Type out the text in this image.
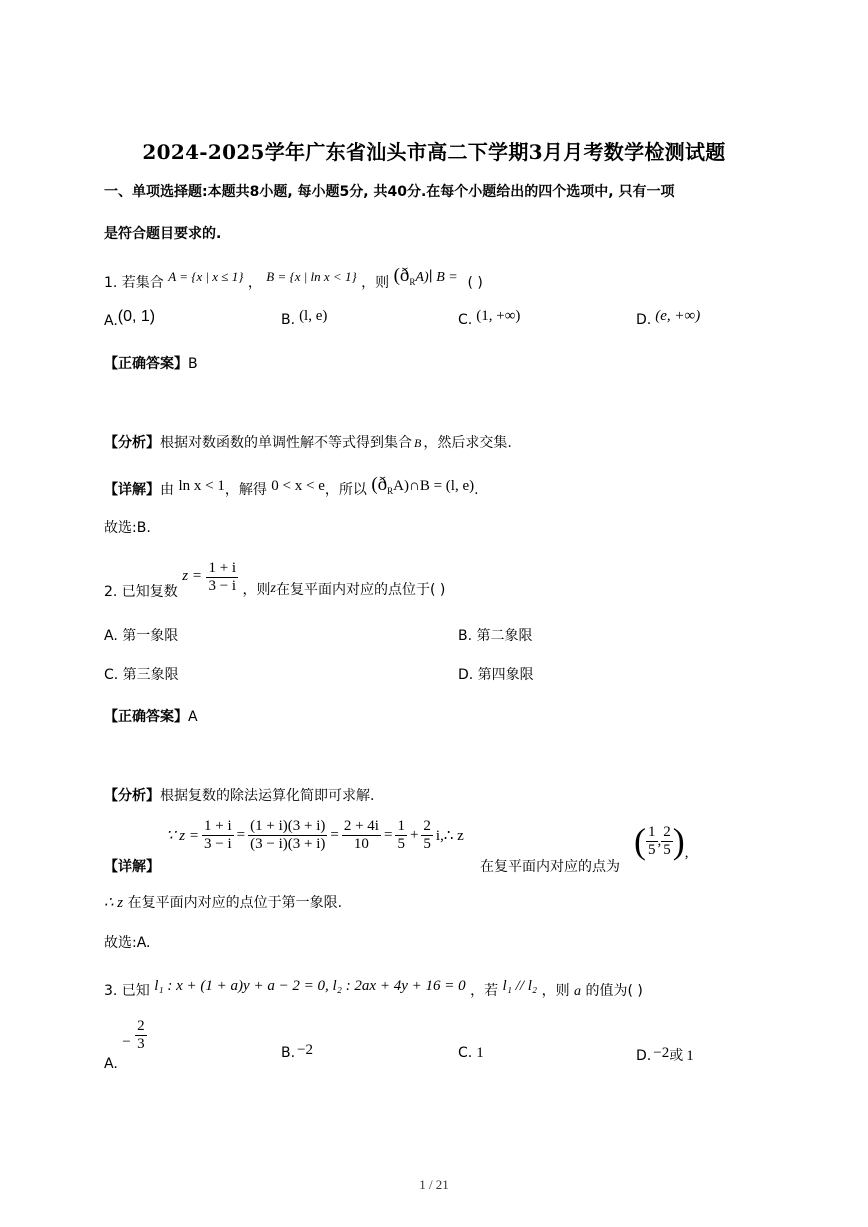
2024-2025学年广东省汕头市高二下学期3月月考数学检测试题
一、单项选择题:本题共8小题, 每小题5分, 共40分.在每个小题给出的四个选项中, 只有一项
是符合题目要求的.
1. 若集合 A = {x | x ≤ 1} ， B = {x | ln x < 1} ，则 $(ð_RA)∣$ B = ( )
A.(0, 1)	B. (l, e)	C. (1, +∞)	D. (e, +∞)
【正确答案】B
【分析】根据对数函数的单调性解不等式得到集合 B ，然后求交集.
【详解】由 ln x < 1，解得 0 < x < e，所以 $(ð_RA)\cap B = (l$, e).
故选:B.
2. 已知复数 $z = \frac{1 + i}{3 - i}$ ，则z在复平面内对应的点位于( )
A. 第一象限	B. 第二象限
C. 第三象限	D. 第四象限
【正确答案】A
【分析】根据复数的除法运算化简即可求解.
【详解】
∵ $z = \frac{1 + i}{3 - i} = \frac{(1 + i)(3 + i)}{(3 - i)(3 + i)} = \frac{2 + 4i}{10} = \frac{1}{5} + \frac{2}{5}$ i,∴ z
在复平面内对应的点为
( $\frac{1}{5}$ , $\frac{2}{5}$ ) ,
∴ z 在复平面内对应的点位于第一象限.
故选:A.
3. 已知 l₁ : x + (1 + a)y + a − 2 = 0, l₂ : 2ax + 4y + 16 = 0 ，若 l₁ // l₂ ，则 a 的值为( )
A. − $\frac{2}{3}$	B. −2	C. 1	D. −2或 1
1 / 21
